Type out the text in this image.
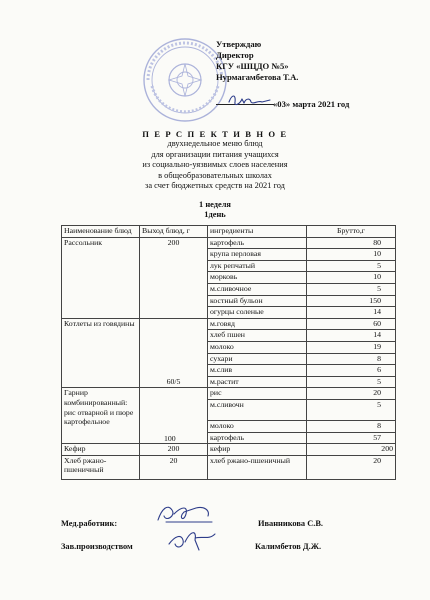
Утверждаю
Директор
КГУ «ШЦДО №5»
Нурмагамбетова Т.А.
«03» марта 2021 год
П Е Р С П Е К Т И В Н О Е
двухнедельное меню блюд
для организации питания учащихся
из социально-уязвимых слоев населения
в общеобразовательных школах
за счет бюджетных средств на 2021 год
1 неделя
1день
Наименование блюд	Выход блюд, г	ингредиенты	Брутто,г
Рассольник	200	картофель	80
		крупа перловая	10
		лук репчатый	5
		морковь	10
		м.сливочное	5
		костный бульон	150
		огурцы соленые	14
Котлеты из говядины	60/5	м.говяд	60
		хлеб пшен	14
		молоко	19
		сухари	8
		м.слив	6
		м.растит	5
Гарнир комбинированный: рис отварной и пюре картофельное	100	рис	20
		м.сливочн	5
		молоко	8
		картофель	57
Кефир	200	кефир	200
Хлеб ржано-пшеничный	20	хлеб ржано-пшеничный	20
Мед.работник:	Иванникова С.В.
Зав.производством	Калимбетов Д.Ж.
